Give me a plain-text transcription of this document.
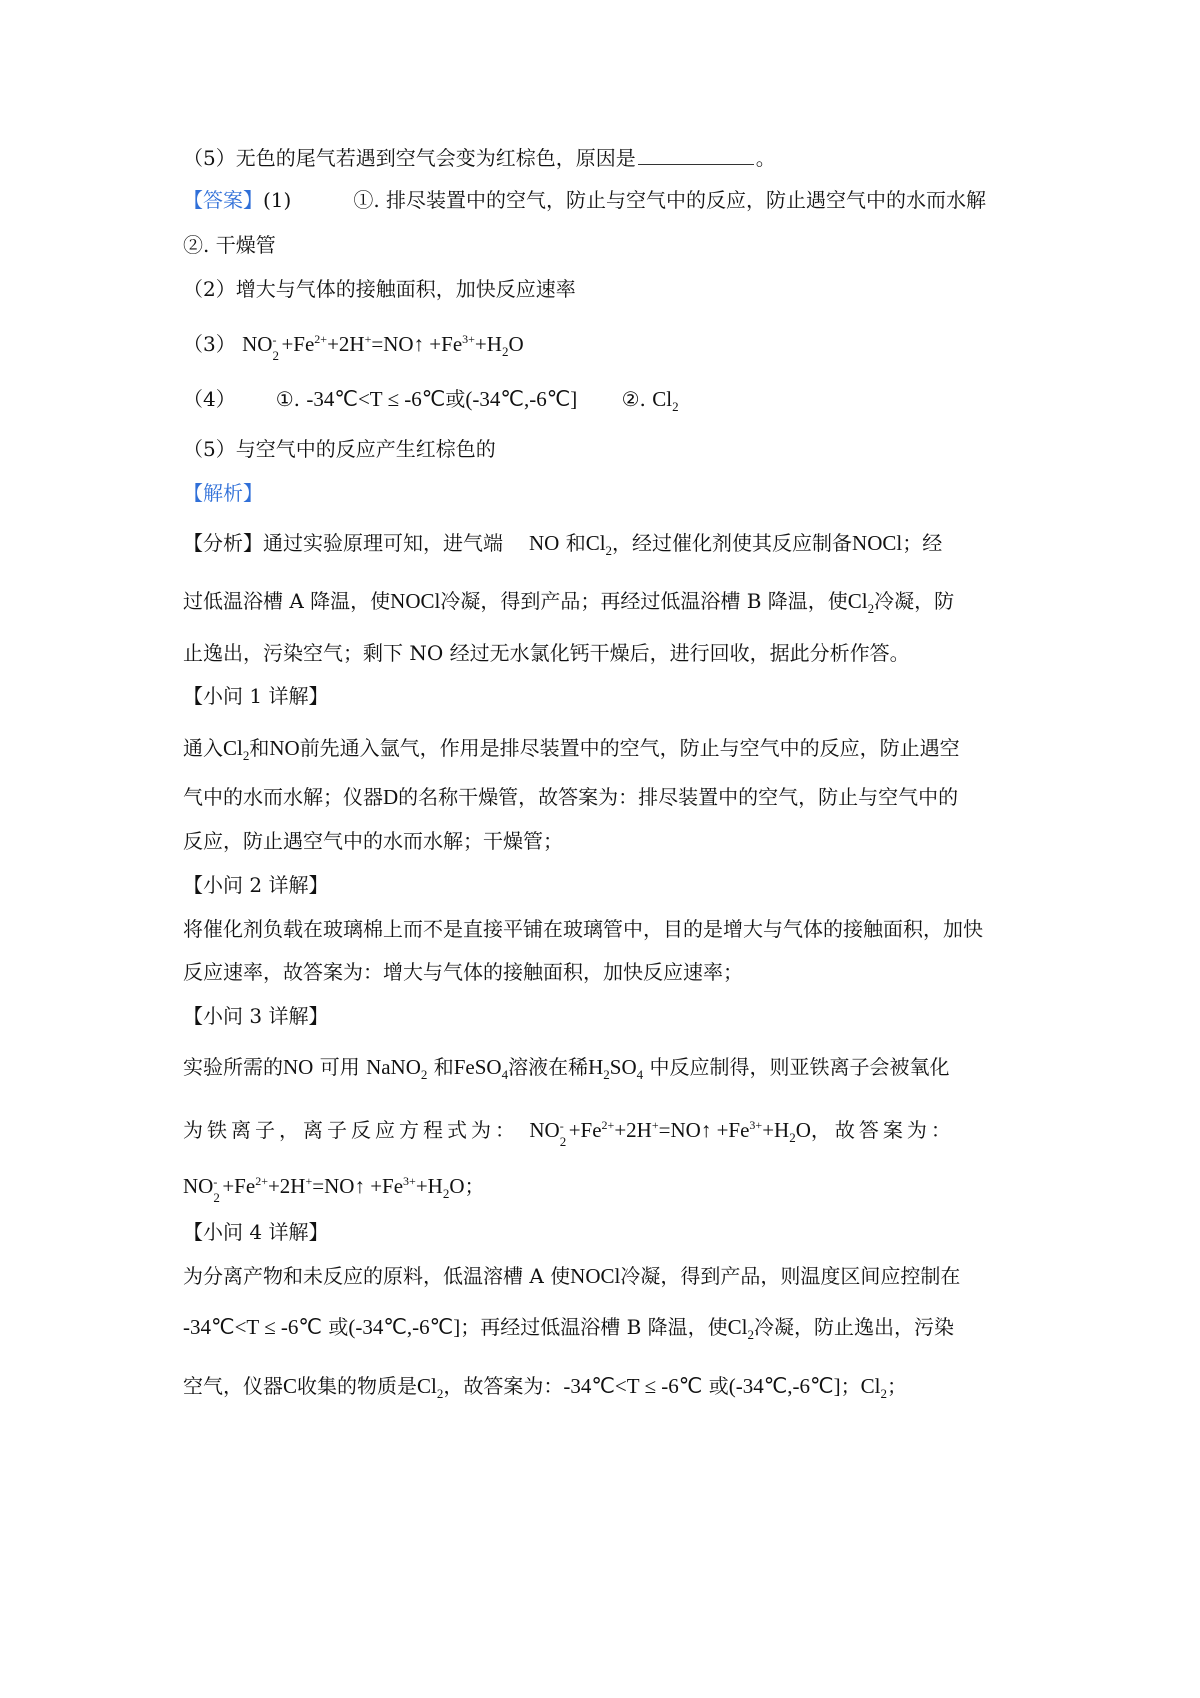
（5）无色的尾气若遇到空气会变为红棕色，原因是	。
【答案】(1)	①. 排尽装置中的空气，防止与空气中的反应，防止遇空气中的水而水解
②. 干燥管
（2）增大与气体的接触面积，加快反应速率
（3） NO -
$2 +Fe^{2+}+2H^+=NO↑ +Fe^{3+}+H_2O$
（4） ①. -34℃<T ≤ -6℃或(-34℃,-6℃] ②. $Cl_2$
（5）与空气中的反应产生红棕色的
【解析】
【分析】通过实验原理可知，进气端 NO 和$Cl_2$，经过催化剂使其反应制备NOCl；经
过低温浴槽 A 降温，使NOCl冷凝，得到产品；再经过低温浴槽 B 降温，使$Cl_2$冷凝，防
止逸出，污染空气；剩下 NO 经过无水氯化钙干燥后，进行回收，据此分析作答。
【小问 1 详解】
通入$Cl_2$和NO前先通入氩气，作用是排尽装置中的空气，防止与空气中的反应，防止遇空
气中的水而水解；仪器D的名称干燥管，故答案为：排尽装置中的空气，防止与空气中的
反应，防止遇空气中的水而水解；干燥管；
【小问 2 详解】
将催化剂负载在玻璃棉上而不是直接平铺在玻璃管中，目的是增大与气体的接触面积，加快
反应速率，故答案为：增大与气体的接触面积，加快反应速率；
【小问 3 详解】
实验所需的NO 可用 NaNO$_2$ 和FeSO$_4$溶液在稀$H_2SO_4$ 中反应制得，则亚铁离子会被氧化
为铁离子，离子反应方程式为： NO -
$2 +Fe^{2+}+2H^+=NO↑ +Fe^{3+}+H_2O$，故答案为：
NO -
$2 +Fe^{2+}+2H^+=NO↑ +Fe^{3+}+H_2O$；
【小问 4 详解】
为分离产物和未反应的原料，低温溶槽 A 使NOCl冷凝，得到产品，则温度区间应控制在
-34℃<T ≤ -6℃ 或(-34℃,-6℃]；再经过低温浴槽 B 降温，使$Cl_2$冷凝，防止逸出，污染
空气，仪器C收集的物质是$Cl_2$，故答案为：-34℃<T ≤ -6℃ 或(-34℃,-6℃]；$Cl_2$；
